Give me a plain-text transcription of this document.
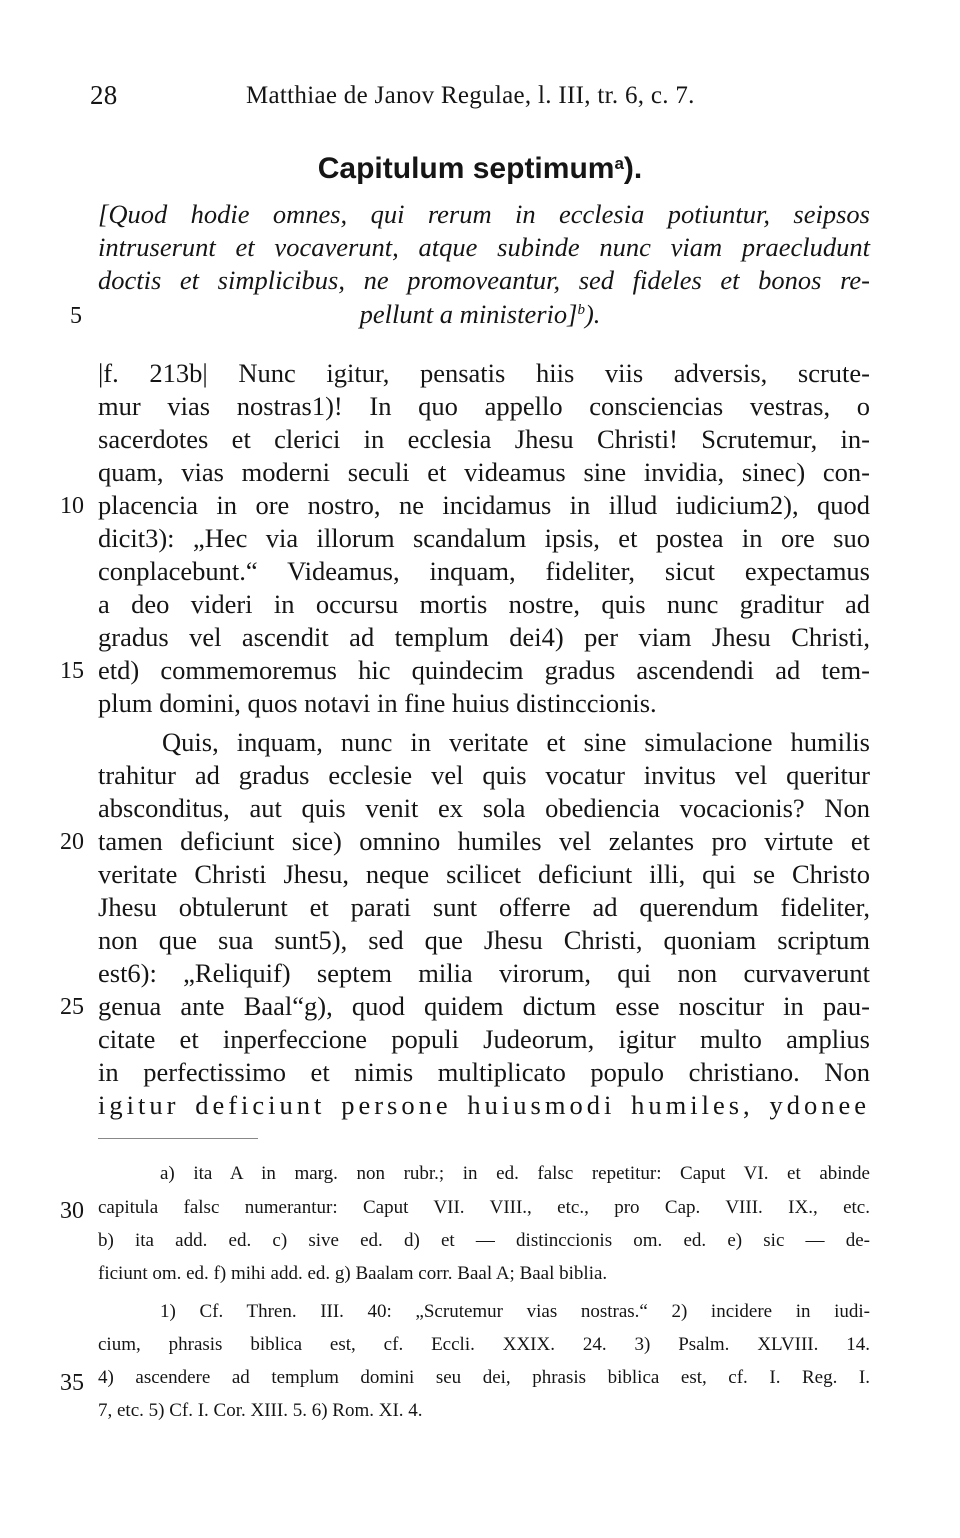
28	Matthiae de Janov Regulae, l. III, tr. 6, c. 7.
Capitulum septimum$^a$).
[Quod hodie omnes, qui rerum in ecclesia potiuntur, seipsos
intruserunt et vocaverunt, atque subinde nunc viam praecludunt
doctis et simplicibus, ne promoveantur, sed fideles et bonos re-
pellunt a ministerio]$^b$).
|f. 213b| Nunc igitur, pensatis hiis viis adversis, scrute-
mur vias nostras1)! In quo appello consciencias vestras, o
sacerdotes et clerici in ecclesia Jhesu Christi! Scrutemur, in-
quam, vias moderni seculi et videamus sine invidia, sinec) con-
placencia in ore nostro, ne incidamus in illud iudicium2), quod
dicit3): „Hec via illorum scandalum ipsis, et postea in ore suo
conplacebunt.“ Videamus, inquam, fideliter, sicut expectamus
a deo videri in occursu mortis nostre, quis nunc graditur ad
gradus vel ascendit ad templum dei4) per viam Jhesu Christi,
etd) commemoremus hic quindecim gradus ascendendi ad tem-
plum domini, quos notavi in fine huius distinccionis.
Quis, inquam, nunc in veritate et sine simulacione humilis
trahitur ad gradus ecclesie vel quis vocatur invitus vel queritur
absconditus, aut quis venit ex sola obediencia vocacionis? Non
tamen deficiunt sice) omnino humiles vel zelantes pro virtute et
veritate Christi Jhesu, neque scilicet deficiunt illi, qui se Christo
Jhesu obtulerunt et parati sunt offerre ad querendum fideliter,
non que sua sunt5), sed que Jhesu Christi, quoniam scriptum
est6): „Reliquif) septem milia virorum, qui non curvaverunt
genua ante Baal“g), quod quidem dictum esse noscitur in pau-
citate et inperfeccione populi Judeorum, igitur multo amplius
in perfectissimo et nimis multiplicato populo christiano. Non
igitur deficiunt persone huiusmodi humiles, ydonee
5
10
15
20
25
30
35
a) ita A in marg. non rubr.; in ed. falsc repetitur: Caput VI. et abinde
capitula falsc numerantur: Caput VII. VIII., etc., pro Cap. VIII. IX., etc.
b) ita add. ed. c) sive ed. d) et — distinccionis om. ed. e) sic — de-
ficiunt om. ed. f) mihi add. ed. g) Baalam corr. Baal A; Baal biblia.
1) Cf. Thren. III. 40: „Scrutemur vias nostras.“ 2) incidere in iudi-
cium, phrasis biblica est, cf. Eccli. XXIX. 24. 3) Psalm. XLVIII. 14.
4) ascendere ad templum domini seu dei, phrasis biblica est, cf. I. Reg. I.
7, etc. 5) Cf. I. Cor. XIII. 5. 6) Rom. XI. 4.
